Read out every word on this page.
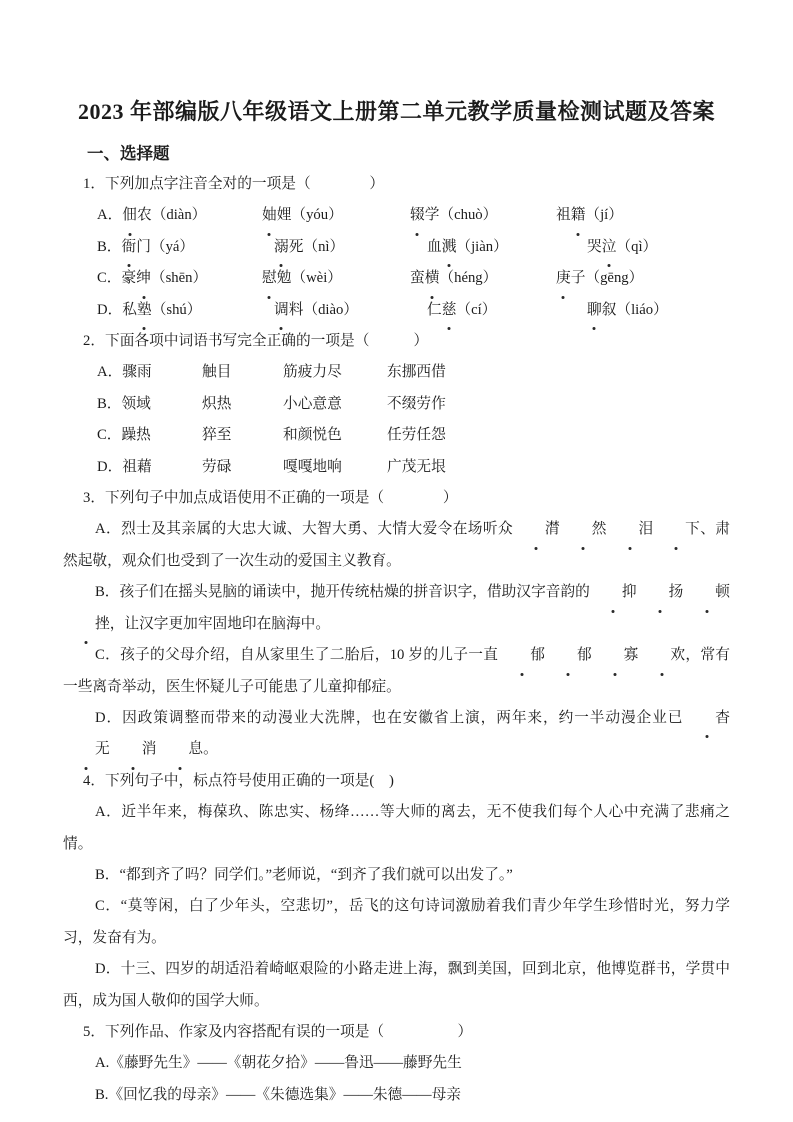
2023 年部编版八年级语文上册第二单元教学质量检测试题及答案
一、选择题

1．下列加点字注音全对的一项是（　　　　）

A．佃农（diàn）	妯娌（yóu）	辍学（chuò）	祖籍（jí）
B．衙门（yá）	溺死（nì）	血溅（jiàn）	哭泣（qì）
C．豪绅（shēn）	慰勉（wèi）	蛮横（héng）	庚子（gēng）
D．私塾（shú）	调料（diào）	仁慈（cí）	聊叙（liáo）

2．下面各项中词语书写完全正确的一项是（　　　）

A．骤雨	触目	筋疲力尽	东挪西借
B．领域	炽热	小心意意	不缀劳作
C．躁热	猝至	和颜悦色	任劳任怨
D．祖藉	劳碌	嘎嘎地响	广茂无垠

3．下列句子中加点成语使用不正确的一项是（　　　　）

A．烈士及其亲属的大忠大诚、大智大勇、大情大爱令在场听众 潸 然 泪 下、肃然起敬，观众们也受到了一次生动的爱国主义教育。

B．孩子们在摇头晃脑的诵读中，抛开传统枯燥的拼音识字，借助汉字音韵的 抑 扬 顿挫，让汉字更加牢固地印在脑海中。

C．孩子的父母介绍，自从家里生了二胎后，10 岁的儿子一直 郁 郁 寡 欢，常有一些离奇举动，医生怀疑儿子可能患了儿童抑郁症。

D．因政策调整而带来的动漫业大洗牌，也在安徽省上演，两年来，约一半动漫企业已 杳无 消 息。

4．下列句子中，标点符号使用正确的一项是(　)

A．近半年来，梅葆玖、陈忠实、杨绛……等大师的离去，无不使我们每个人心中充满了悲痛之情。

B．“都到齐了吗？同学们。”老师说，“到齐了我们就可以出发了。”

C．“莫等闲，白了少年头，空悲切”，岳飞的这句诗词激励着我们青少年学生珍惜时光，努力学习，发奋有为。

D．十三、四岁的胡适沿着崎岖艰险的小路走进上海，飘到美国，回到北京，他博览群书，学贯中西，成为国人敬仰的国学大师。

5．下列作品、作家及内容搭配有误的一项是（　　　　　）

A.《藤野先生》——《朝花夕拾》——鲁迅——藤野先生

B.《回忆我的母亲》——《朱德选集》——朱德——母亲
